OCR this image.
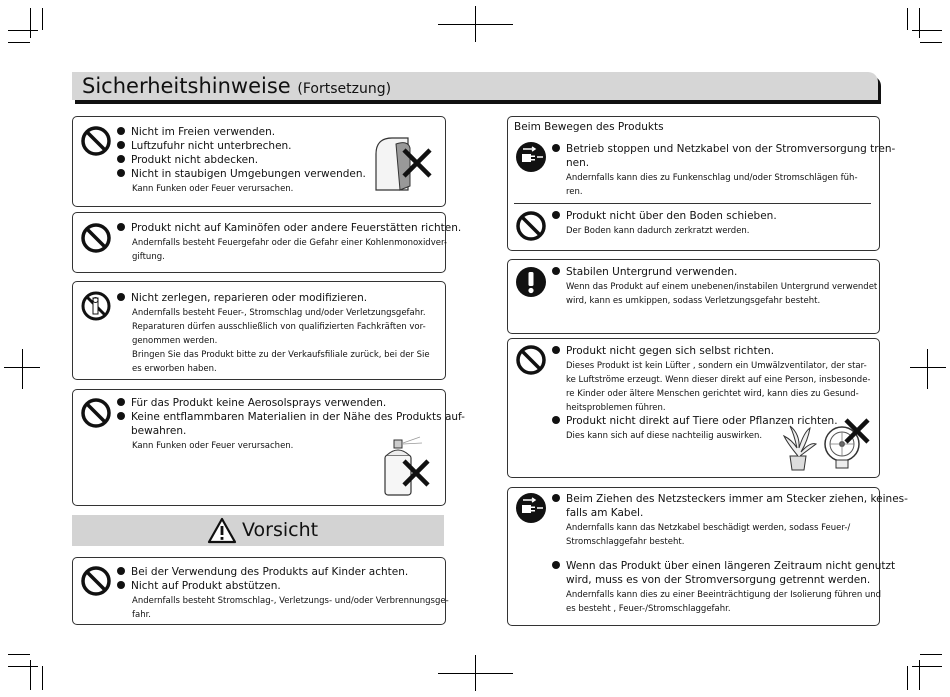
Sicherheitshinweise (Fortsetzung)
Nicht im Freien verwenden.
Luftzufuhr nicht unterbrechen.
Produkt nicht abdecken.
Nicht in staubigen Umgebungen verwenden.
Kann Funken oder Feuer verursachen.
Produkt nicht auf Kaminöfen oder andere Feuerstätten richten.
Andernfalls besteht Feuergefahr oder die Gefahr einer Kohlenmonoxidver-
giftung.
Nicht zerlegen, reparieren oder modifizieren.
Andernfalls besteht Feuer-, Stromschlag und/oder Verletzungsgefahr.
Reparaturen dürfen ausschließlich von qualifizierten Fachkräften vor-
genommen werden.
Bringen Sie das Produkt bitte zu der Verkaufsfiliale zurück, bei der Sie
es erworben haben.
Für das Produkt keine Aerosolsprays verwenden.
Keine entflammbaren Materialien in der Nähe des Produkts auf-
bewahren.
Kann Funken oder Feuer verursachen.
Vorsicht
Bei der Verwendung des Produkts auf Kinder achten.
Nicht auf Produkt abstützen.
Andernfalls besteht Stromschlag-, Verletzungs- und/oder Verbrennungsge-
fahr.
Beim Bewegen des Produkts
Betrieb stoppen und Netzkabel von der Stromversorgung tren-
nen.
Andernfalls kann dies zu Funkenschlag und/oder Stromschlägen füh-
ren.
Produkt nicht über den Boden schieben.
Der Boden kann dadurch zerkratzt werden.
Stabilen Untergrund verwenden.
Wenn das Produkt auf einem unebenen/instabilen Untergrund verwendet
wird, kann es umkippen, sodass Verletzungsgefahr besteht.
Produkt nicht gegen sich selbst richten.
Dieses Produkt ist kein Lüfter , sondern ein Umwälzventilator, der star-
ke Luftströme erzeugt. Wenn dieser direkt auf eine Person, insbesonde-
re Kinder oder ältere Menschen gerichtet wird, kann dies zu Gesund-
heitsproblemen führen.
Produkt nicht direkt auf Tiere oder Pflanzen richten.
Dies kann sich auf diese nachteilig auswirken.
Beim Ziehen des Netzsteckers immer am Stecker ziehen, keines-
falls am Kabel.
Andernfalls kann das Netzkabel beschädigt werden, sodass Feuer-/
Stromschlaggefahr besteht.
Wenn das Produkt über einen längeren Zeitraum nicht genutzt
wird, muss es von der Stromversorgung getrennt werden.
Andernfalls kann dies zu einer Beeinträchtigung der Isolierung führen und
es besteht , Feuer-/Stromschlaggefahr.
